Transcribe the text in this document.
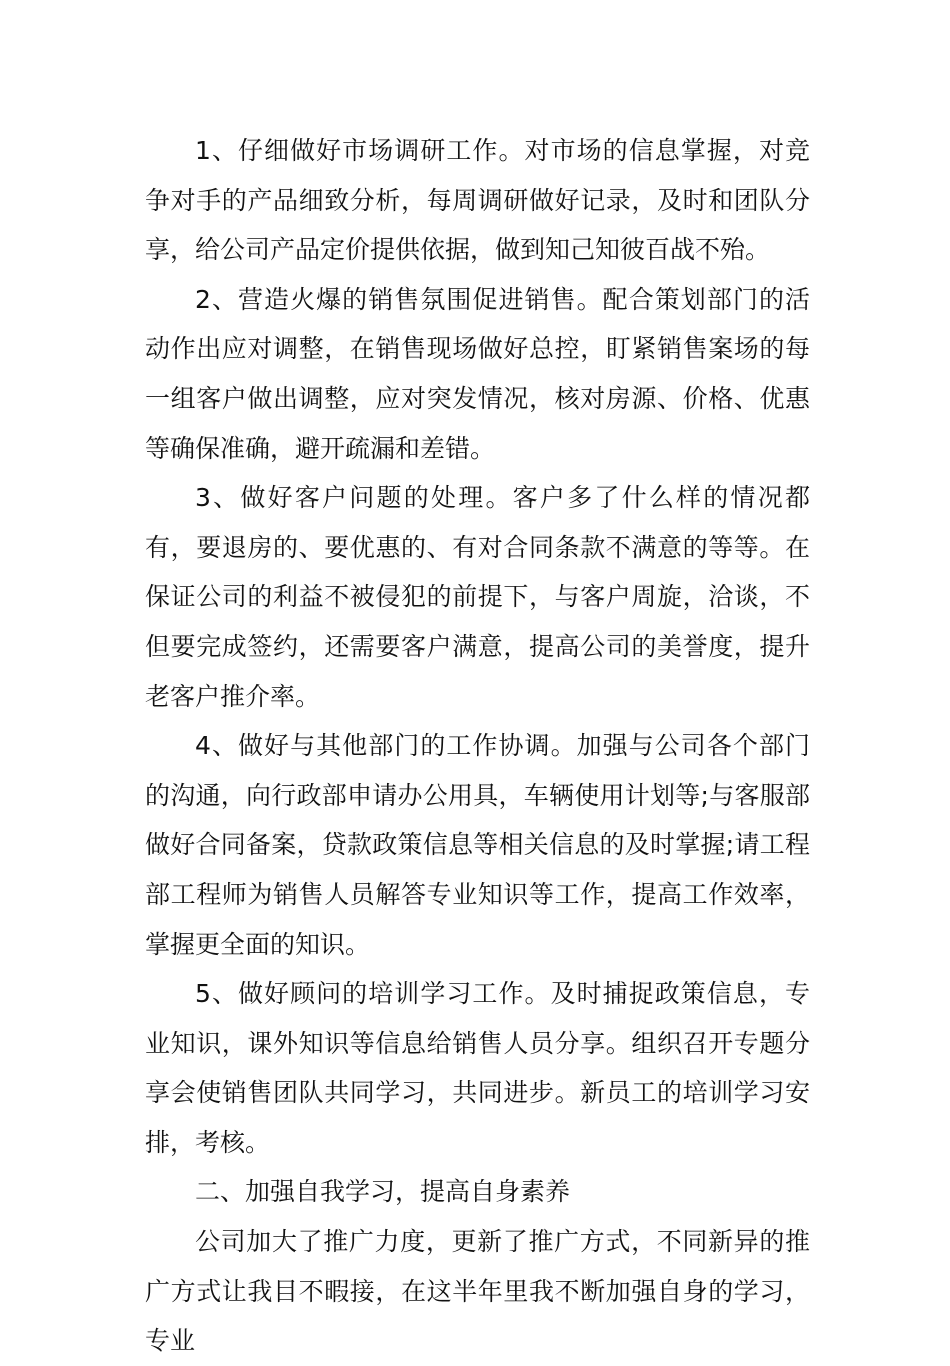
1、仔细做好市场调研工作。对市场的信息掌握，对竞争对手的产品细致分析，每周调研做好记录，及时和团队分享，给公司产品定价提供依据，做到知己知彼百战不殆。

2、营造火爆的销售氛围促进销售。配合策划部门的活动作出应对调整，在销售现场做好总控，盯紧销售案场的每一组客户做出调整，应对突发情况，核对房源、价格、优惠等确保准确，避开疏漏和差错。

3、做好客户问题的处理。客户多了什么样的情况都有，要退房的、要优惠的、有对合同条款不满意的等等。在保证公司的利益不被侵犯的前提下，与客户周旋，洽谈，不但要完成签约，还需要客户满意，提高公司的美誉度，提升老客户推介率。

4、做好与其他部门的工作协调。加强与公司各个部门的沟通，向行政部申请办公用具，车辆使用计划等;与客服部做好合同备案，贷款政策信息等相关信息的及时掌握;请工程部工程师为销售人员解答专业知识等工作，提高工作效率，掌握更全面的知识。

5、做好顾问的培训学习工作。及时捕捉政策信息，专业知识，课外知识等信息给销售人员分享。组织召开专题分享会使销售团队共同学习，共同进步。新员工的培训学习安排，考核。

二、加强自我学习，提高自身素养

公司加大了推广力度，更新了推广方式，不同新异的推广方式让我目不暇接，在这半年里我不断加强自身的学习，专业
